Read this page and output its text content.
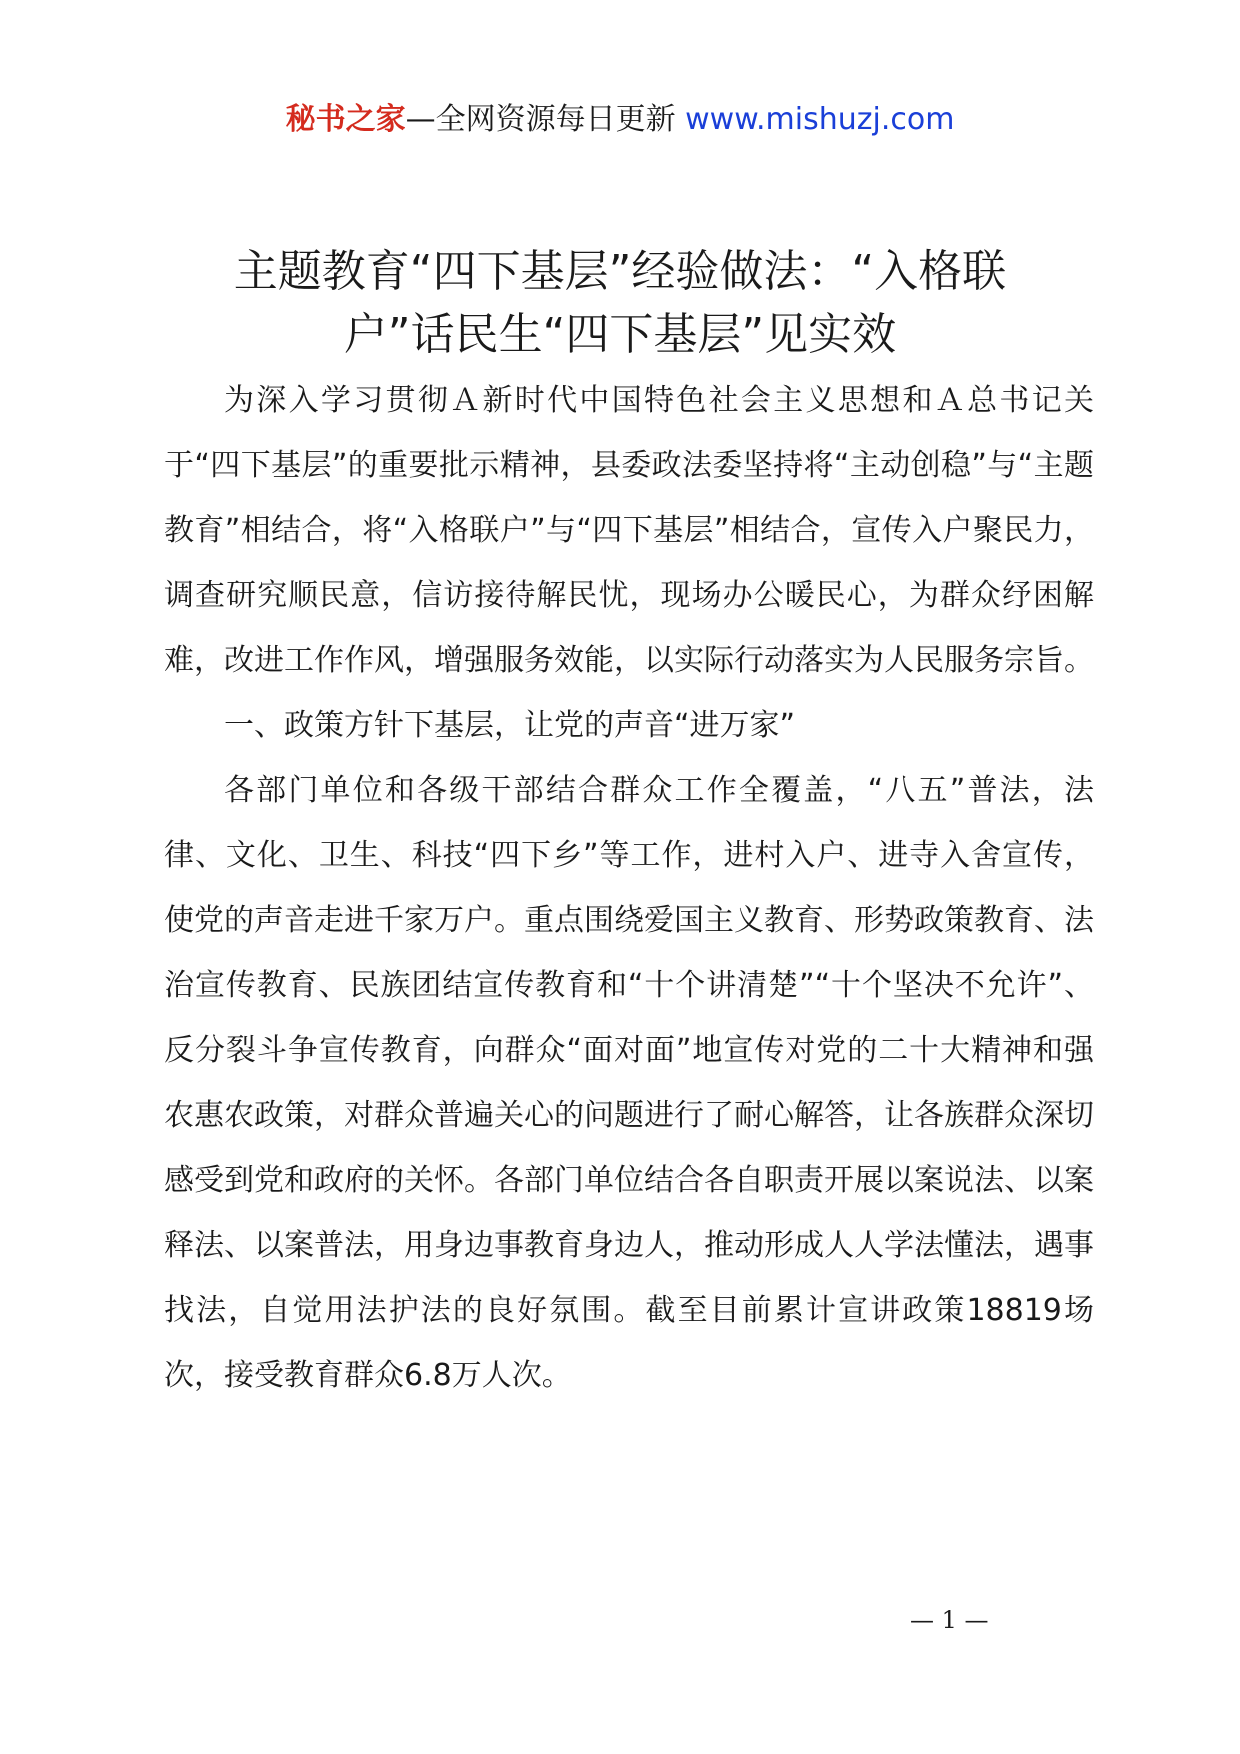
秘书之家—全网资源每日更新 www.mishuzj.com
主题教育“四下基层”经验做法：“入格联
户”话民生“四下基层”见实效

为深入学习贯彻Ａ新时代中国特色社会主义思想和Ａ总书记关于“四下基层”的重要批示精神，县委政法委坚持将“主动创稳”与“主题教育”相结合，将“入格联户”与“四下基层”相结合，宣传入户聚民力，调查研究顺民意，信访接待解民忧，现场办公暖民心，为群众纾困解难，改进工作作风，增强服务效能，以实际行动落实为人民服务宗旨。

一、政策方针下基层，让党的声音“进万家”

各部门单位和各级干部结合群众工作全覆盖，“八五”普法，法律、文化、卫生、科技“四下乡”等工作，进村入户、进寺入舍宣传，使党的声音走进千家万户。重点围绕爱国主义教育、形势政策教育、法治宣传教育、民族团结宣传教育和“十个讲清楚”“十个坚决不允许”、反分裂斗争宣传教育，向群众“面对面”地宣传对党的二十大精神和强农惠农政策，对群众普遍关心的问题进行了耐心解答，让各族群众深切感受到党和政府的关怀。各部门单位结合各自职责开展以案说法、以案释法、以案普法，用身边事教育身边人，推动形成人人学法懂法，遇事找法，自觉用法护法的良好氛围。截至目前累计宣讲政策18819场次，接受教育群众6.8万人次。

— 1 —
